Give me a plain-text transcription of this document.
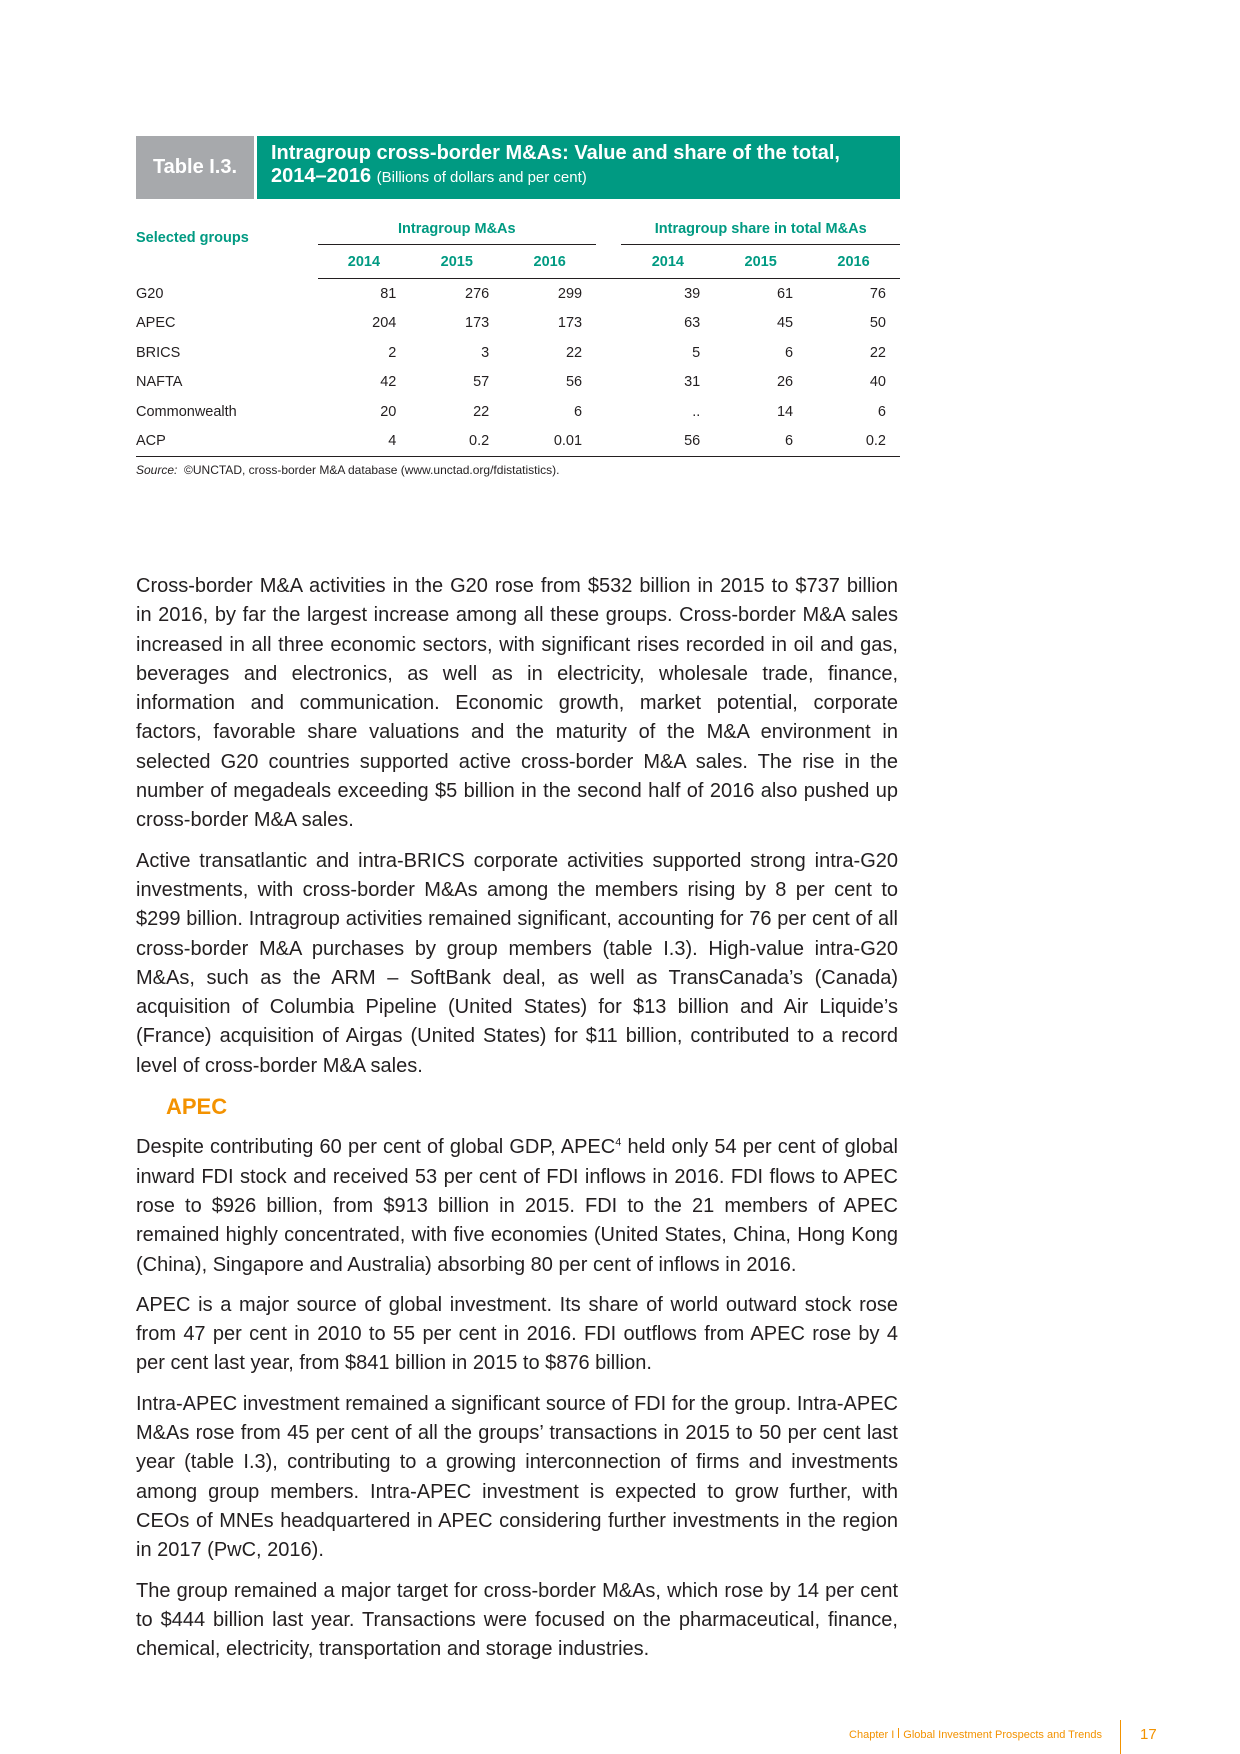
Table I.3.
Intragroup cross-border M&As: Value and share of the total, 2014–2016 (Billions of dollars and per cent)
Selected groups	Intragroup M&As				Intragroup share in total M&As		
	2014	2015	2016		2014	2015	2016
G20	81	276	299		39	61	76
APEC	204	173	173		63	45	50
BRICS	2	3	22		5	6	22
NAFTA	42	57	56		31	26	40
Commonwealth	20	22	6		..	14	6
ACP	4	0.2	0.01		56	6	0.2
Source: ©UNCTAD, cross-border M&A database (www.unctad.org/fdistatistics).

Cross-border M&A activities in the G20 rose from $532 billion in 2015 to $737 billion in 2016, by far the largest increase among all these groups. Cross-border M&A sales increased in all three economic sectors, with significant rises recorded in oil and gas, beverages and electronics, as well as in electricity, wholesale trade, finance, information and communication. Economic growth, market potential, corporate factors, favorable share valuations and the maturity of the M&A environment in selected G20 countries supported active cross-border M&A sales. The rise in the number of megadeals exceeding $5 billion in the second half of 2016 also pushed up cross-border M&A sales.

Active transatlantic and intra-BRICS corporate activities supported strong intra-G20 investments, with cross-border M&As among the members rising by 8 per cent to $299 billion. Intragroup activities remained significant, accounting for 76 per cent of all cross-border M&A purchases by group members (table I.3). High-value intra-G20 M&As, such as the ARM – SoftBank deal, as well as TransCanada’s (Canada) acquisition of Columbia Pipeline (United States) for $13 billion and Air Liquide’s (France) acquisition of Airgas (United States) for $11 billion, contributed to a record level of cross-border M&A sales.

APEC

Despite contributing 60 per cent of global GDP, APEC$^4$ held only 54 per cent of global inward FDI stock and received 53 per cent of FDI inflows in 2016. FDI flows to APEC rose to $926 billion, from $913 billion in 2015. FDI to the 21 members of APEC remained highly concentrated, with five economies (United States, China, Hong Kong (China), Singapore and Australia) absorbing 80 per cent of inflows in 2016.

APEC is a major source of global investment. Its share of world outward stock rose from 47 per cent in 2010 to 55 per cent in 2016. FDI outflows from APEC rose by 4 per cent last year, from $841 billion in 2015 to $876 billion.

Intra-APEC investment remained a significant source of FDI for the group. Intra-APEC M&As rose from 45 per cent of all the groups’ transactions in 2015 to 50 per cent last year (table I.3), contributing to a growing interconnection of firms and investments among group members. Intra-APEC investment is expected to grow further, with CEOs of MNEs headquartered in APEC considering further investments in the region in 2017 (PwC, 2016).

The group remained a major target for cross-border M&As, which rose by 14 per cent to $444 billion last year. Transactions were focused on the pharmaceutical, finance, chemical, electricity, transportation and storage industries.

Chapter I Global Investment Prospects and Trends	17
